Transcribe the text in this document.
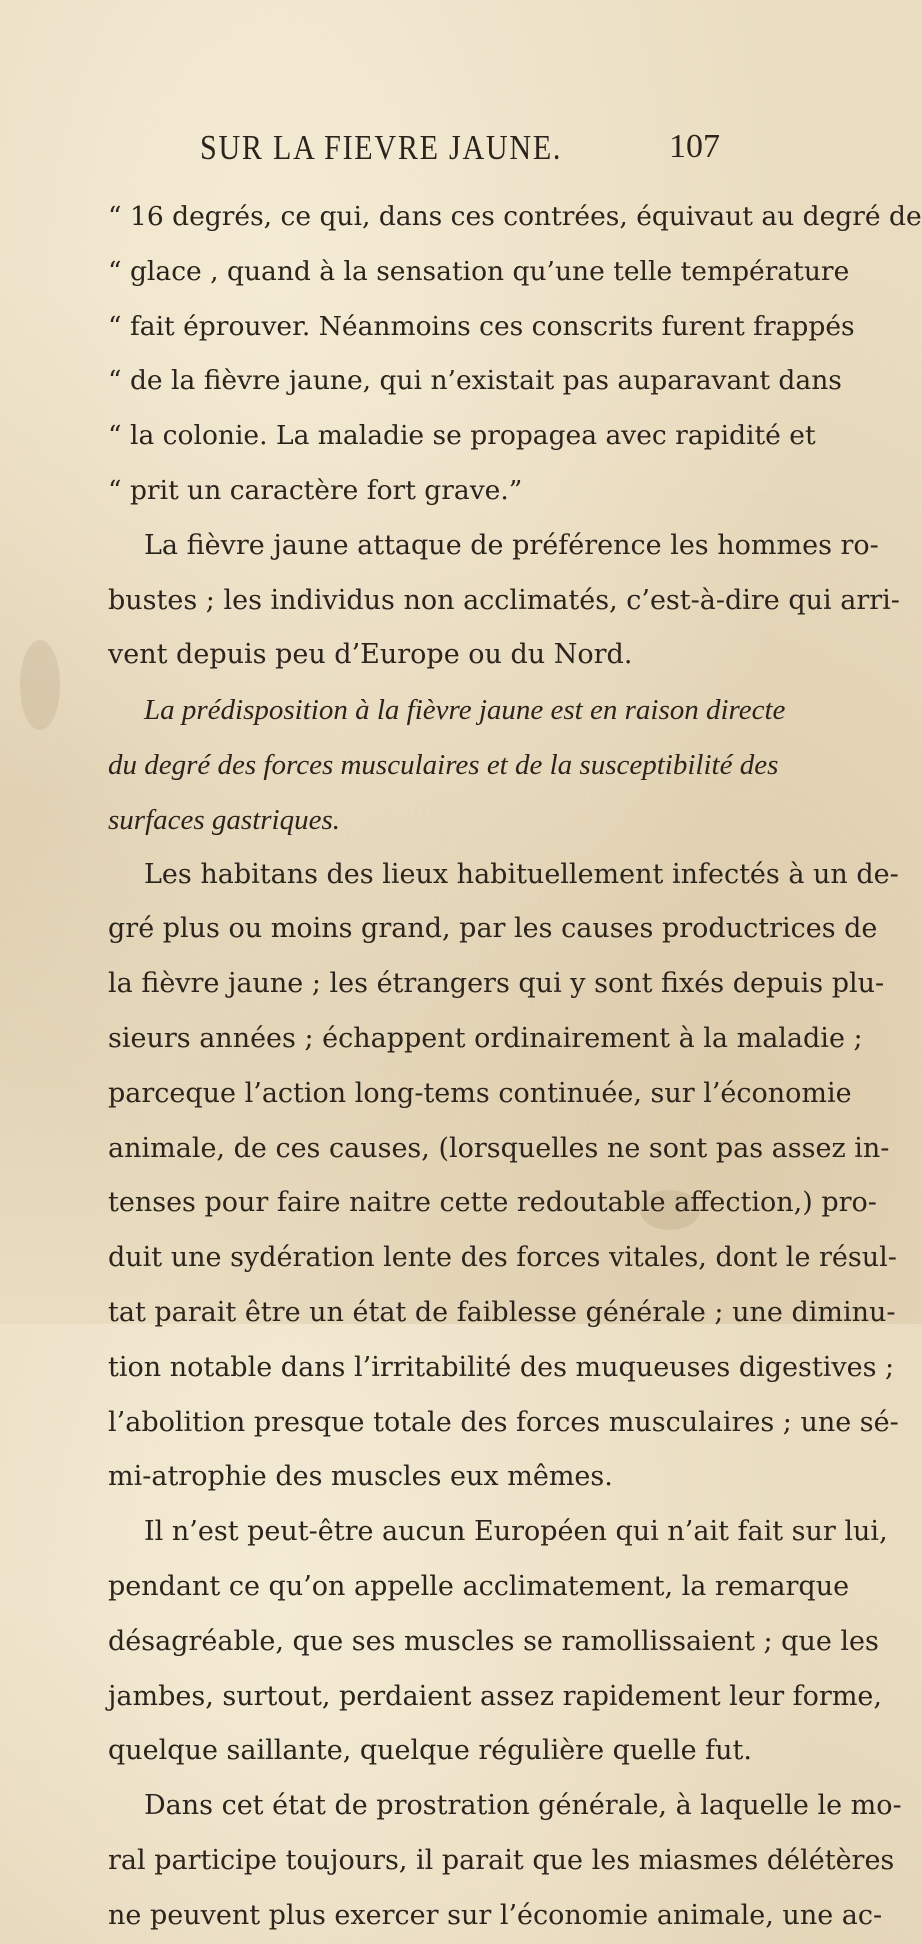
SUR LA FIEVRE JAUNE.	107
“ 16 degrés, ce qui, dans ces contrées, équivaut au degré de
“ glace , quand à la sensation qu’une telle température
“ fait éprouver. Néanmoins ces conscrits furent frappés
“ de la fièvre jaune, qui n’existait pas auparavant dans
“ la colonie. La maladie se propagea avec rapidité et
“ prit un caractère fort grave.”
La fièvre jaune attaque de préférence les hommes ro-
bustes ; les individus non acclimatés, c’est-à-dire qui arri-
vent depuis peu d’Europe ou du Nord.
La prédisposition à la fièvre jaune est en raison directe
du degré des forces musculaires et de la susceptibilité des
surfaces gastriques.
Les habitans des lieux habituellement infectés à un de-
gré plus ou moins grand, par les causes productrices de
la fièvre jaune ; les étrangers qui y sont fixés depuis plu-
sieurs années ; échappent ordinairement à la maladie ;
parceque l’action long-tems continuée, sur l’économie
animale, de ces causes, (lorsquelles ne sont pas assez in-
tenses pour faire naitre cette redoutable affection,) pro-
duit une sydération lente des forces vitales, dont le résul-
tat parait être un état de faiblesse générale ; une diminu-
tion notable dans l’irritabilité des muqueuses digestives ;
l’abolition presque totale des forces musculaires ; une sé-
mi-atrophie des muscles eux mêmes.
Il n’est peut-être aucun Européen qui n’ait fait sur lui,
pendant ce qu’on appelle acclimatement, la remarque
désagréable, que ses muscles se ramollissaient ; que les
jambes, surtout, perdaient assez rapidement leur forme,
quelque saillante, quelque régulière quelle fut.
Dans cet état de prostration générale, à laquelle le mo-
ral participe toujours, il parait que les miasmes délétères
ne peuvent plus exercer sur l’économie animale, une ac-
